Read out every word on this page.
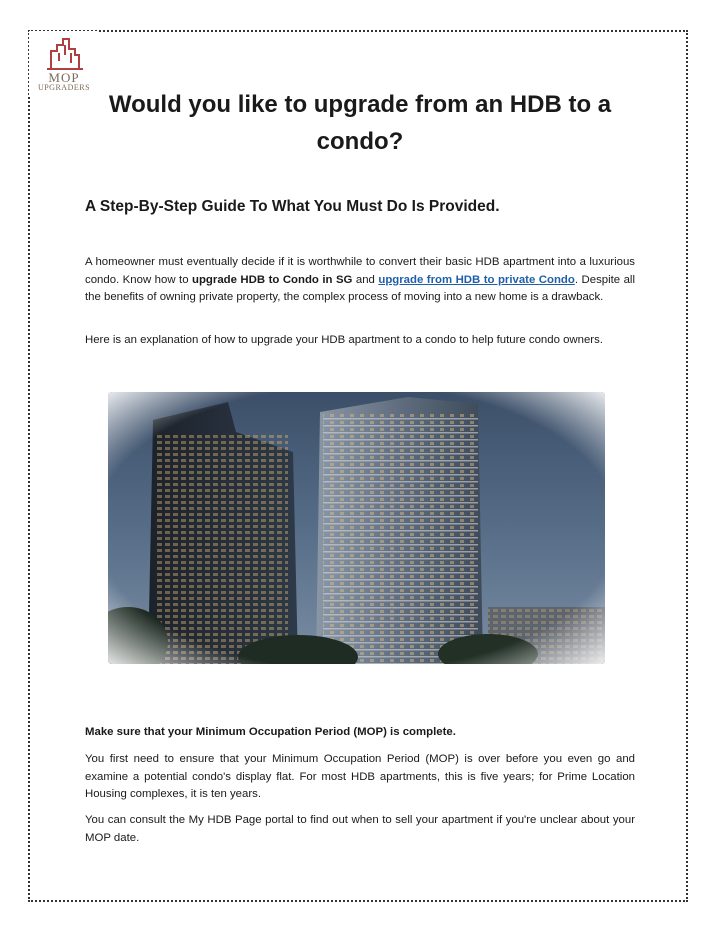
MOP
UPGRADERS
Would you like to upgrade from an HDB to a condo?
A Step-By-Step Guide To What You Must Do Is Provided.
A homeowner must eventually decide if it is worthwhile to convert their basic HDB apartment into a luxurious condo. Know how to upgrade HDB to Condo in SG and upgrade from HDB to private Condo. Despite all the benefits of owning private property, the complex process of moving into a new home is a drawback.
Here is an explanation of how to upgrade your HDB apartment to a condo to help future condo owners.
Make sure that your Minimum Occupation Period (MOP) is complete.
You first need to ensure that your Minimum Occupation Period (MOP) is over before you even go and examine a potential condo's display flat. For most HDB apartments, this is five years; for Prime Location Housing complexes, it is ten years.
You can consult the My HDB Page portal to find out when to sell your apartment if you're unclear about your MOP date.
